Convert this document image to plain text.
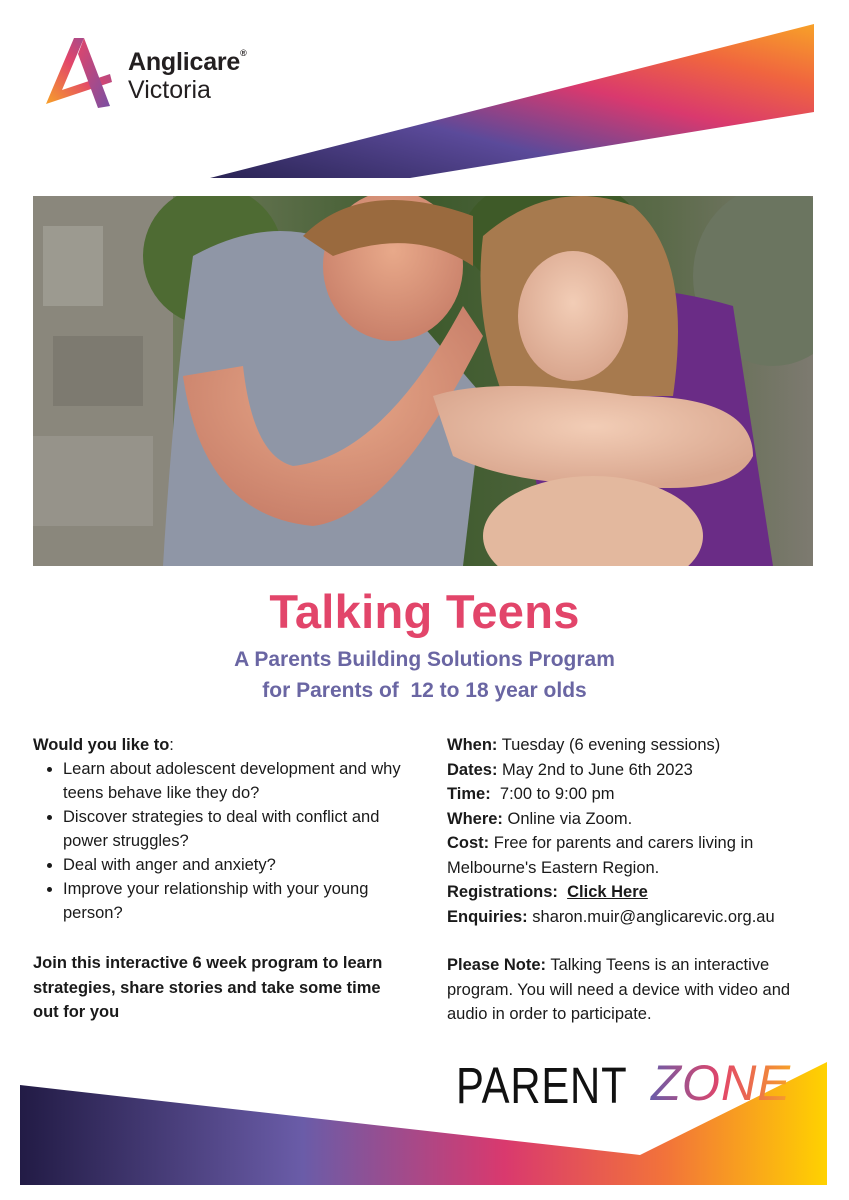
Anglicare®
Victoria
Talking Teens
A Parents Building Solutions Program
for Parents of  12 to 18 year olds
Would you like to:
• Learn about adolescent development and why teens behave like they do?
• Discover strategies to deal with conflict and power struggles?
• Deal with anger and anxiety?
• Improve your relationship with your young person?
Join this interactive 6 week program to learn strategies, share stories and take some time out for you
When: Tuesday (6 evening sessions)
Dates: May 2nd to June 6th 2023
Time:  7:00 to 9:00 pm
Where: Online via Zoom.
Cost: Free for parents and carers living in Melbourne's Eastern Region.
Registrations: Click Here
Enquiries: sharon.muir@anglicarevic.org.au
Please Note: Talking Teens is an interactive program. You will need a device with video and audio in order to participate.
PARENT ZONE
